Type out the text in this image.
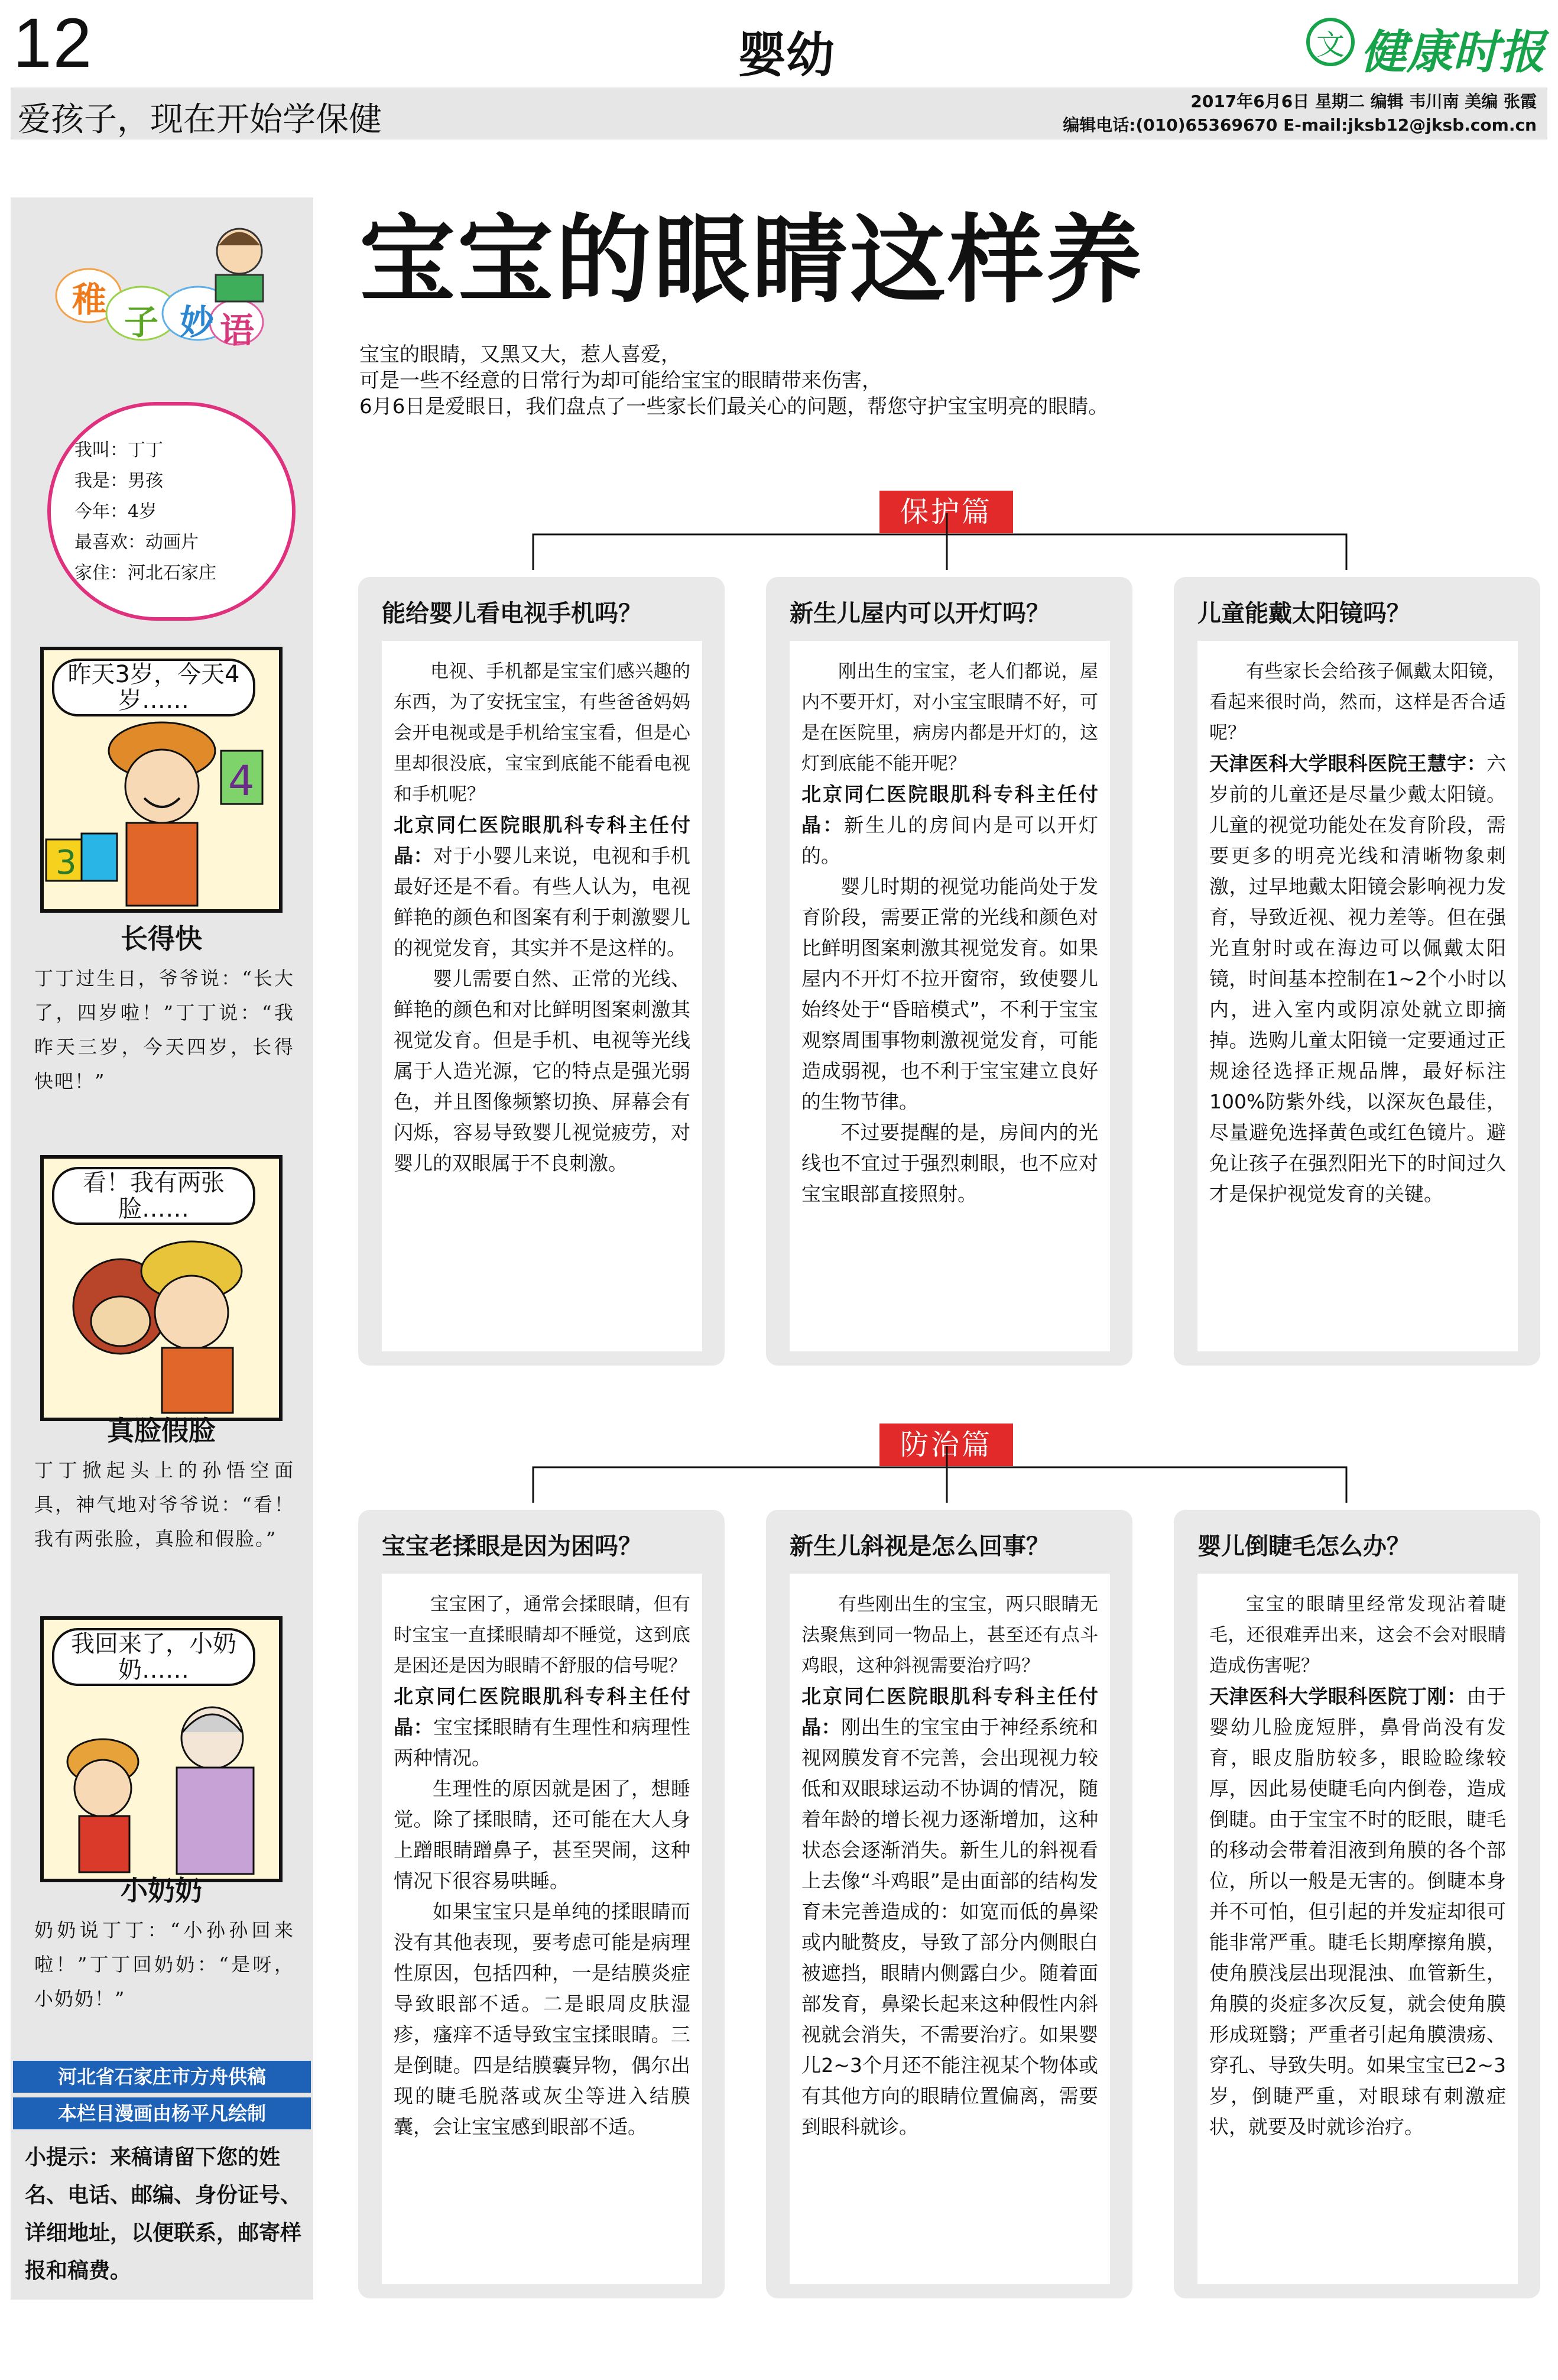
12	婴幼	文 健康时报
爱孩子，现在开始学保健	2017年6月6日 星期二 编辑 韦川南 美编 张霞
编辑电话:(010)65369670 E-mail:jksb12@jksb.com.cn
稚
子 妙 语
我叫：丁丁
我是：男孩
今年：4岁
最喜欢：动画片
家住：河北石家庄
昨天3岁，今天4岁……
3
4
长得快
丁丁过生日，爷爷说：“长大了，四岁啦！”丁丁说：“我昨天三岁，今天四岁，长得快吧！”
看！我有两张脸……
真脸假脸
丁丁掀起头上的孙悟空面具，神气地对爷爷说：“看！我有两张脸，真脸和假脸。”
我回来了，小奶奶……
小奶奶
奶奶说丁丁：“小孙孙回来啦！”丁丁回奶奶：“是呀，小奶奶！”
河北省石家庄市方舟供稿
本栏目漫画由杨平凡绘制
小提示：来稿请留下您的姓名、电话、邮编、身份证号、详细地址，以便联系，邮寄样报和稿费。
宝宝的眼睛这样养
宝宝的眼睛，又黑又大，惹人喜爱，
可是一些不经意的日常行为却可能给宝宝的眼睛带来伤害，
6月6日是爱眼日，我们盘点了一些家长们最关心的问题，帮您守护宝宝明亮的眼睛。
保护篇
能给婴儿看电视手机吗？

电视、手机都是宝宝们感兴趣的东西，为了安抚宝宝，有些爸爸妈妈会开电视或是手机给宝宝看，但是心里却很没底，宝宝到底能不能看电视和手机呢？

北京同仁医院眼肌科专科主任付晶：对于小婴儿来说，电视和手机最好还是不看。有些人认为，电视鲜艳的颜色和图案有利于刺激婴儿的视觉发育，其实并不是这样的。

婴儿需要自然、正常的光线、鲜艳的颜色和对比鲜明图案刺激其视觉发育。但是手机、电视等光线属于人造光源，它的特点是强光弱色，并且图像频繁切换、屏幕会有闪烁，容易导致婴儿视觉疲劳，对婴儿的双眼属于不良刺激。

新生儿屋内可以开灯吗？

刚出生的宝宝，老人们都说，屋内不要开灯，对小宝宝眼睛不好，可是在医院里，病房内都是开灯的，这灯到底能不能开呢？

北京同仁医院眼肌科专科主任付晶：新生儿的房间内是可以开灯的。

婴儿时期的视觉功能尚处于发育阶段，需要正常的光线和颜色对比鲜明图案刺激其视觉发育。如果屋内不开灯不拉开窗帘，致使婴儿始终处于“昏暗模式”，不利于宝宝观察周围事物刺激视觉发育，可能造成弱视，也不利于宝宝建立良好的生物节律。

不过要提醒的是，房间内的光线也不宜过于强烈刺眼，也不应对宝宝眼部直接照射。

儿童能戴太阳镜吗？

有些家长会给孩子佩戴太阳镜，看起来很时尚，然而，这样是否合适呢？

天津医科大学眼科医院王慧宇：六岁前的儿童还是尽量少戴太阳镜。儿童的视觉功能处在发育阶段，需要更多的明亮光线和清晰物象刺激，过早地戴太阳镜会影响视力发育，导致近视、视力差等。但在强光直射时或在海边可以佩戴太阳镜，时间基本控制在1~2个小时以内，进入室内或阴凉处就立即摘掉。选购儿童太阳镜一定要通过正规途径选择正规品牌，最好标注100%防紫外线，以深灰色最佳，尽量避免选择黄色或红色镜片。避免让孩子在强烈阳光下的时间过久才是保护视觉发育的关键。

防治篇
宝宝老揉眼是因为困吗？

宝宝困了，通常会揉眼睛，但有时宝宝一直揉眼睛却不睡觉，这到底是困还是因为眼睛不舒服的信号呢？

北京同仁医院眼肌科专科主任付晶：宝宝揉眼睛有生理性和病理性两种情况。

生理性的原因就是困了，想睡觉。除了揉眼睛，还可能在大人身上蹭眼睛蹭鼻子，甚至哭闹，这种情况下很容易哄睡。

如果宝宝只是单纯的揉眼睛而没有其他表现，要考虑可能是病理性原因，包括四种，一是结膜炎症导致眼部不适。二是眼周皮肤湿疹，瘙痒不适导致宝宝揉眼睛。三是倒睫。四是结膜囊异物，偶尔出现的睫毛脱落或灰尘等进入结膜囊，会让宝宝感到眼部不适。

新生儿斜视是怎么回事？

有些刚出生的宝宝，两只眼睛无法聚焦到同一物品上，甚至还有点斗鸡眼，这种斜视需要治疗吗？

北京同仁医院眼肌科专科主任付晶：刚出生的宝宝由于神经系统和视网膜发育不完善，会出现视力较低和双眼球运动不协调的情况，随着年龄的增长视力逐渐增加，这种状态会逐渐消失。新生儿的斜视看上去像“斗鸡眼”是由面部的结构发育未完善造成的：如宽而低的鼻梁或内眦赘皮，导致了部分内侧眼白被遮挡，眼睛内侧露白少。随着面部发育，鼻梁长起来这种假性内斜视就会消失，不需要治疗。如果婴儿2~3个月还不能注视某个物体或有其他方向的眼睛位置偏离，需要到眼科就诊。

婴儿倒睫毛怎么办？

宝宝的眼睛里经常发现沾着睫毛，还很难弄出来，这会不会对眼睛造成伤害呢？

天津医科大学眼科医院丁刚：由于婴幼儿脸庞短胖，鼻骨尚没有发育，眼皮脂肪较多，眼睑睑缘较厚，因此易使睫毛向内倒卷，造成倒睫。由于宝宝不时的眨眼，睫毛的移动会带着泪液到角膜的各个部位，所以一般是无害的。倒睫本身并不可怕，但引起的并发症却很可能非常严重。睫毛长期摩擦角膜，使角膜浅层出现混浊、血管新生，角膜的炎症多次反复，就会使角膜形成斑翳；严重者引起角膜溃疡、穿孔、导致失明。如果宝宝已2~3岁，倒睫严重，对眼球有刺激症状，就要及时就诊治疗。
